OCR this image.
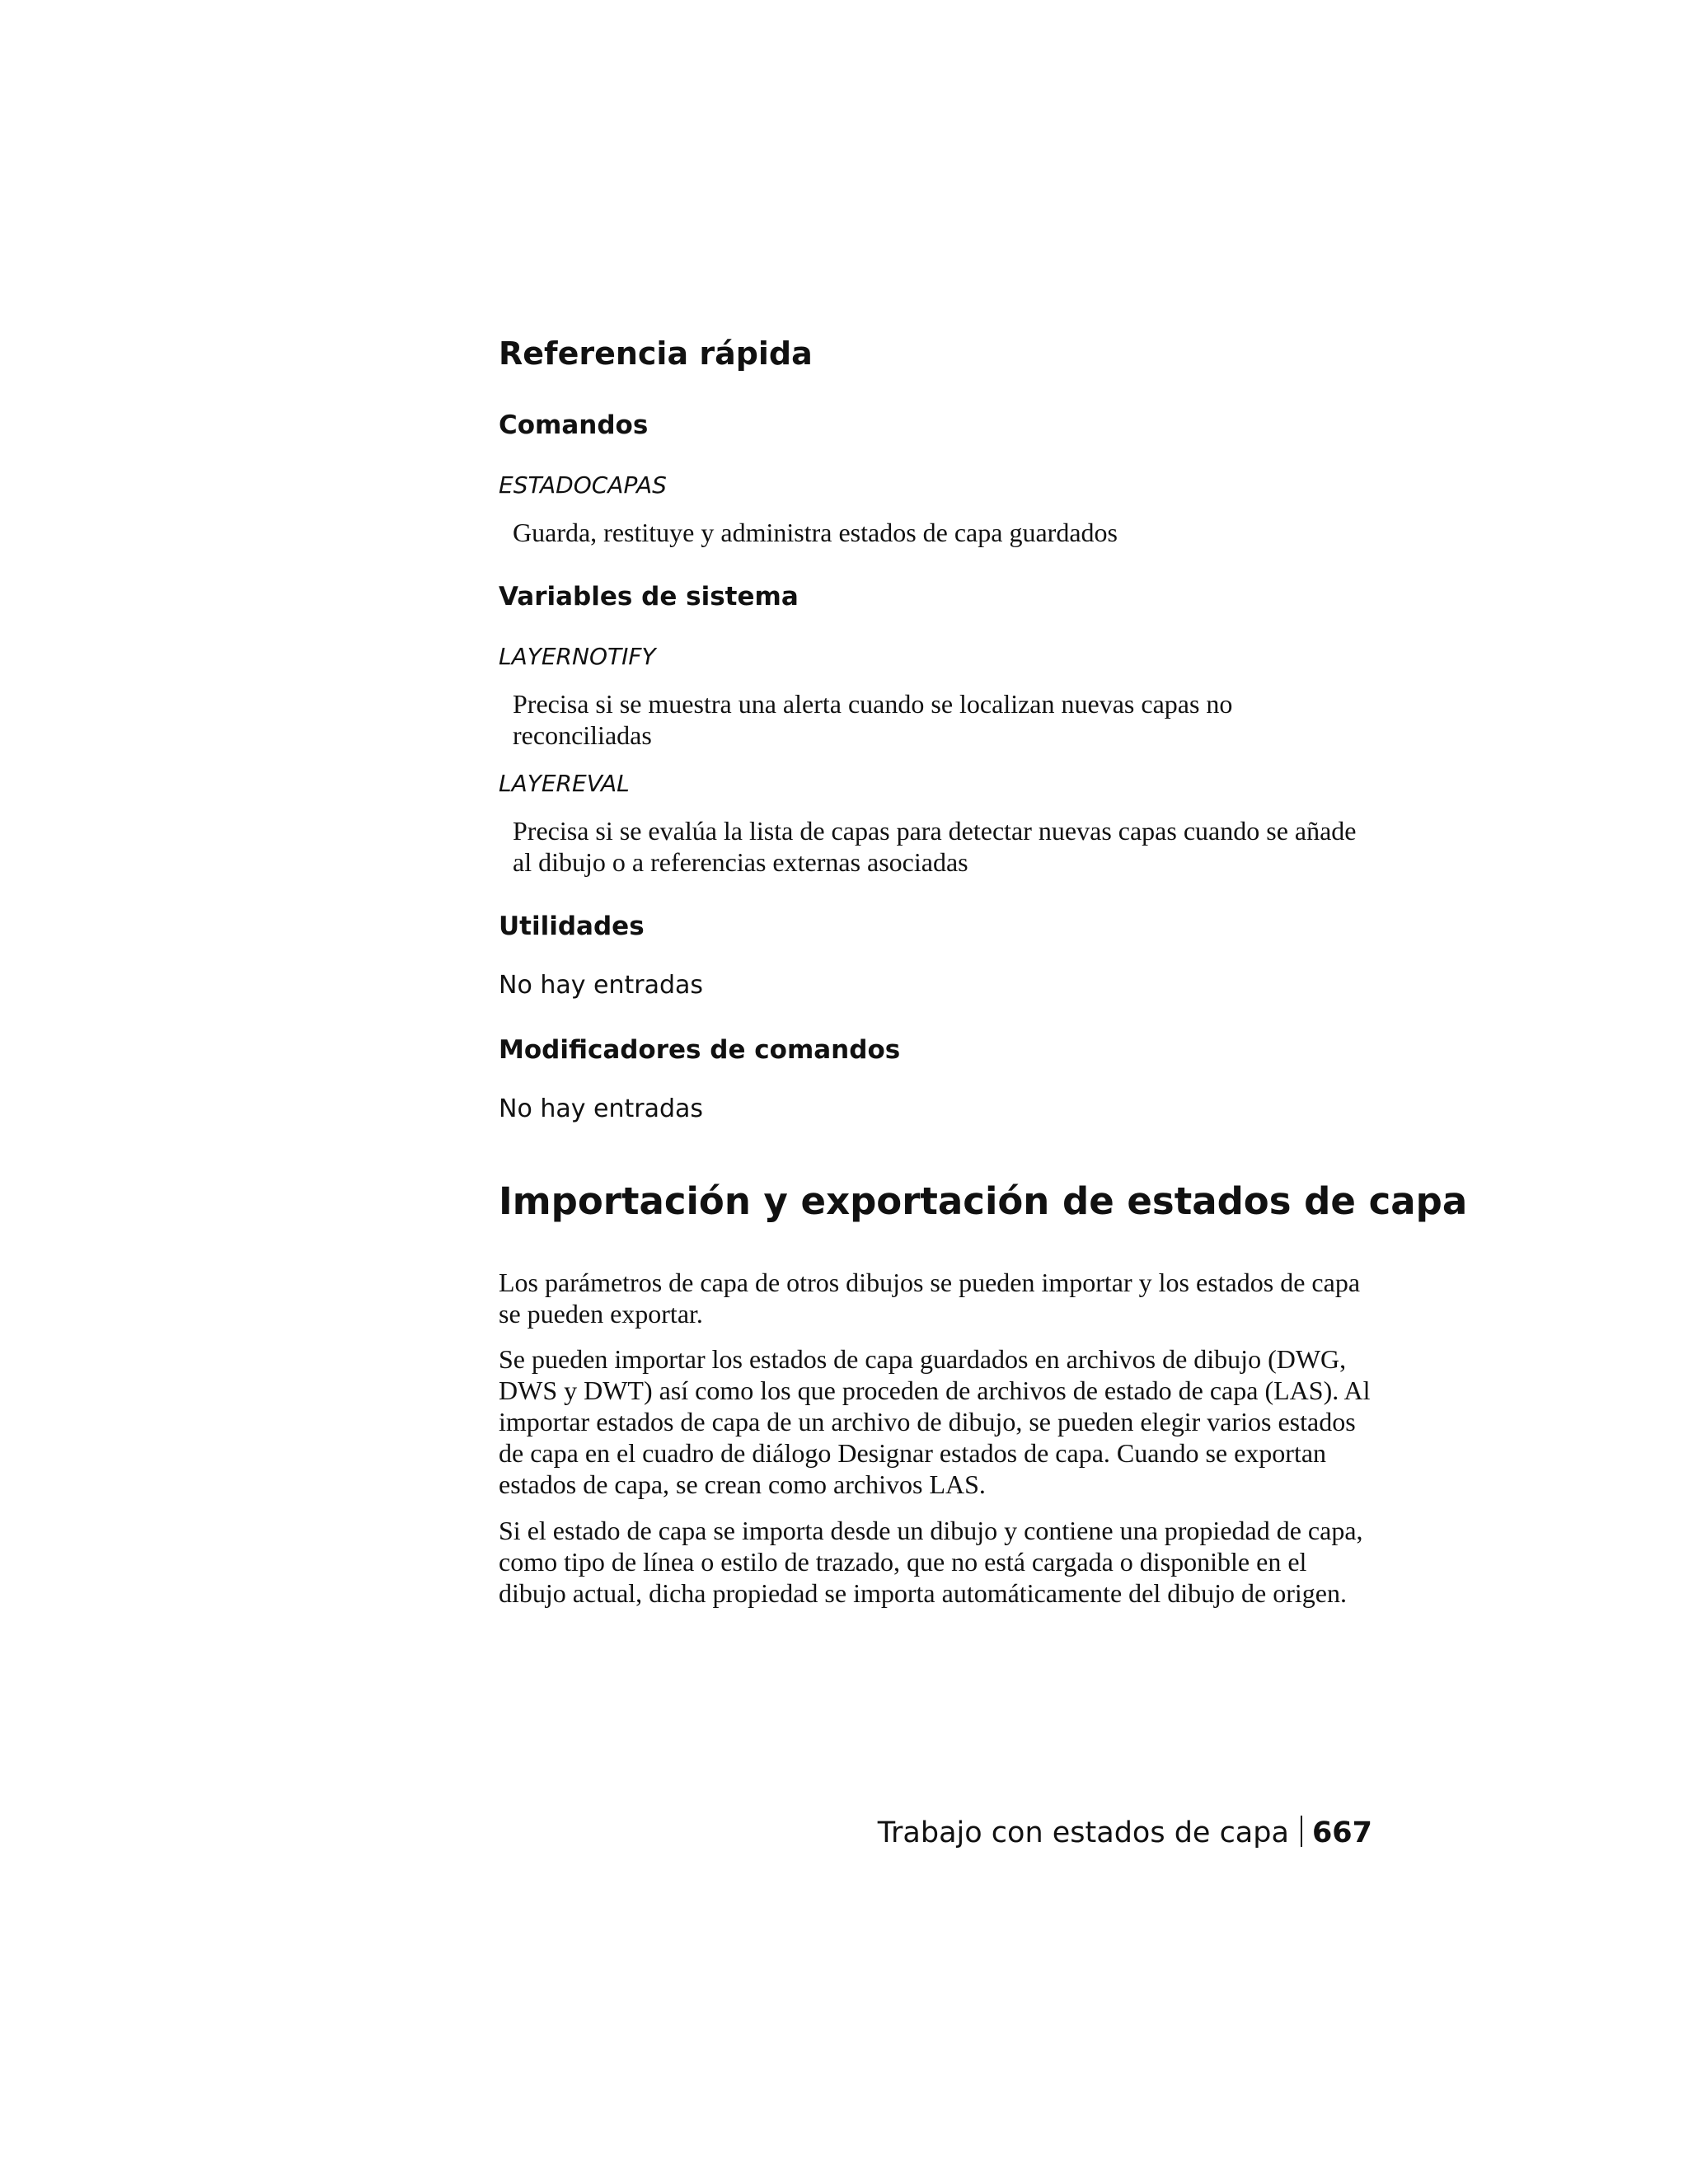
Referencia rápida
Comandos

ESTADOCAPAS

Guarda, restituye y administra estados de capa guardados

Variables de sistema

LAYERNOTIFY

Precisa si se muestra una alerta cuando se localizan nuevas capas no reconciliadas

LAYEREVAL

Precisa si se evalúa la lista de capas para detectar nuevas capas cuando se añade al dibujo o a referencias externas asociadas

Utilidades

No hay entradas

Modificadores de comandos

No hay entradas

Importación y exportación de estados de capa

Los parámetros de capa de otros dibujos se pueden importar y los estados de capa se pueden exportar.

Se pueden importar los estados de capa guardados en archivos de dibujo (DWG, DWS y DWT) así como los que proceden de archivos de estado de capa (LAS). Al importar estados de capa de un archivo de dibujo, se pueden elegir varios estados de capa en el cuadro de diálogo Designar estados de capa. Cuando se exportan estados de capa, se crean como archivos LAS.

Si el estado de capa se importa desde un dibujo y contiene una propiedad de capa, como tipo de línea o estilo de trazado, que no está cargada o disponible en el dibujo actual, dicha propiedad se importa automáticamente del dibujo de origen.

Trabajo con estados de capa 667
